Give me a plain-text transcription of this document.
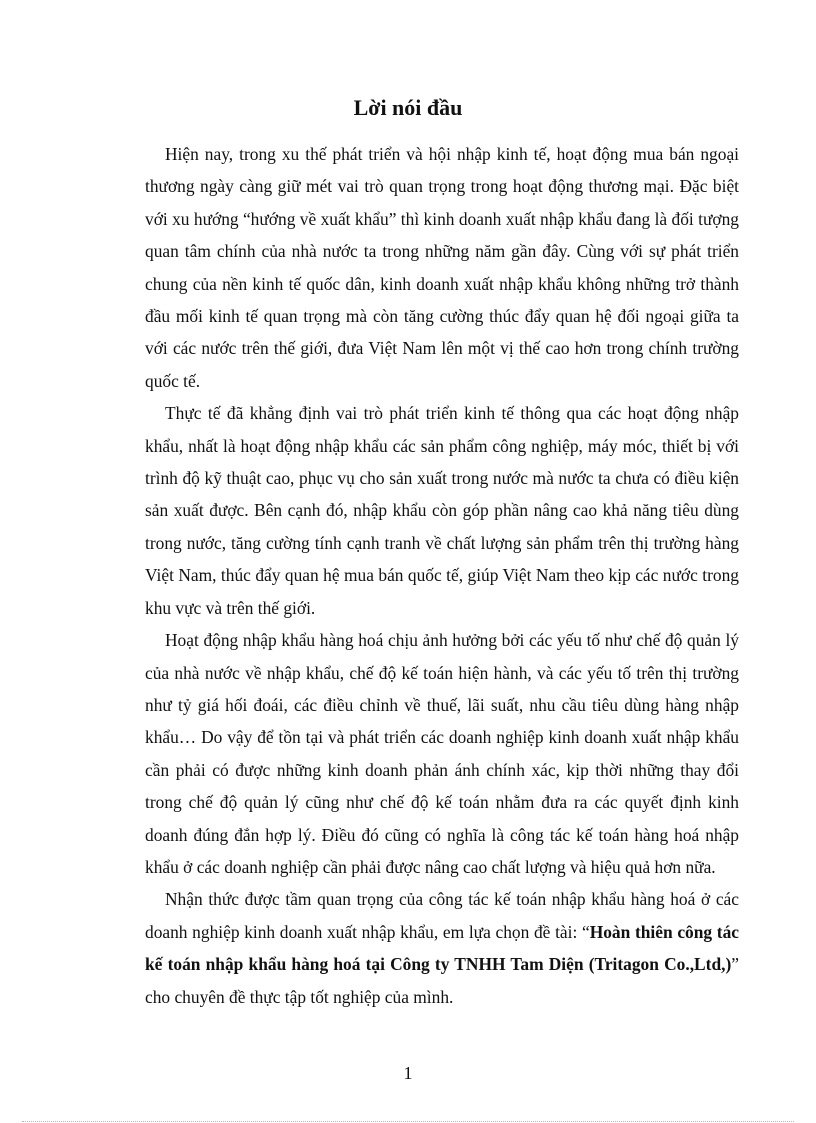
Lời nói đầu

Hiện nay, trong xu thế phát triển và hội nhập kinh tế, hoạt động mua bán ngoại thương ngày càng giữ mét vai trò quan trọng trong hoạt động thương mại. Đặc biệt với xu hướng “hướng về xuất khẩu” thì kinh doanh xuất nhập khẩu đang là đối tượng quan tâm chính của nhà nước ta trong những năm gần đây. Cùng với sự phát triển chung của nền kinh tế quốc dân, kinh doanh xuất nhập khẩu không những trở thành đầu mối kinh tế quan trọng mà còn tăng cường thúc đẩy quan hệ đối ngoại giữa ta với các nước trên thế giới, đưa Việt Nam lên một vị thế cao hơn trong chính trường quốc tế.

Thực tế đã khẳng định vai trò phát triển kinh tế thông qua các hoạt động nhập khẩu, nhất là hoạt động nhập khẩu các sản phẩm công nghiệp, máy móc, thiết bị với trình độ kỹ thuật cao, phục vụ cho sản xuất trong nước mà nước ta chưa có điều kiện sản xuất được. Bên cạnh đó, nhập khẩu còn góp phần nâng cao khả năng tiêu dùng trong nước, tăng cường tính cạnh tranh về chất lượng sản phẩm trên thị trường hàng Việt Nam, thúc đẩy quan hệ mua bán quốc tế, giúp Việt Nam theo kịp các nước trong khu vực và trên thế giới.

Hoạt động nhập khẩu hàng hoá chịu ảnh hưởng bởi các yếu tố như chế độ quản lý của nhà nước về nhập khẩu, chế độ kế toán hiện hành, và các yếu tố trên thị trường như tỷ giá hối đoái, các điều chỉnh về thuế, lãi suất, nhu cầu tiêu dùng hàng nhập khẩu… Do vậy để tồn tại và phát triển các doanh nghiệp kinh doanh xuất nhập khẩu cần phải có được những kinh doanh phản ánh chính xác, kịp thời những thay đổi trong chế độ quản lý cũng như chế độ kế toán nhằm đưa ra các quyết định kinh doanh đúng đắn hợp lý. Điều đó cũng có nghĩa là công tác kế toán hàng hoá nhập khẩu ở các doanh nghiệp cần phải được nâng cao chất lượng và hiệu quả hơn nữa.

Nhận thức được tầm quan trọng của công tác kế toán nhập khẩu hàng hoá ở các doanh nghiệp kinh doanh xuất nhập khẩu, em lựa chọn đề tài: “Hoàn thiên công tác kế toán nhập khẩu hàng hoá tại Công ty TNHH Tam Diện (Tritagon Co.,Ltd,)” cho chuyên đề thực tập tốt nghiệp của mình.

1
